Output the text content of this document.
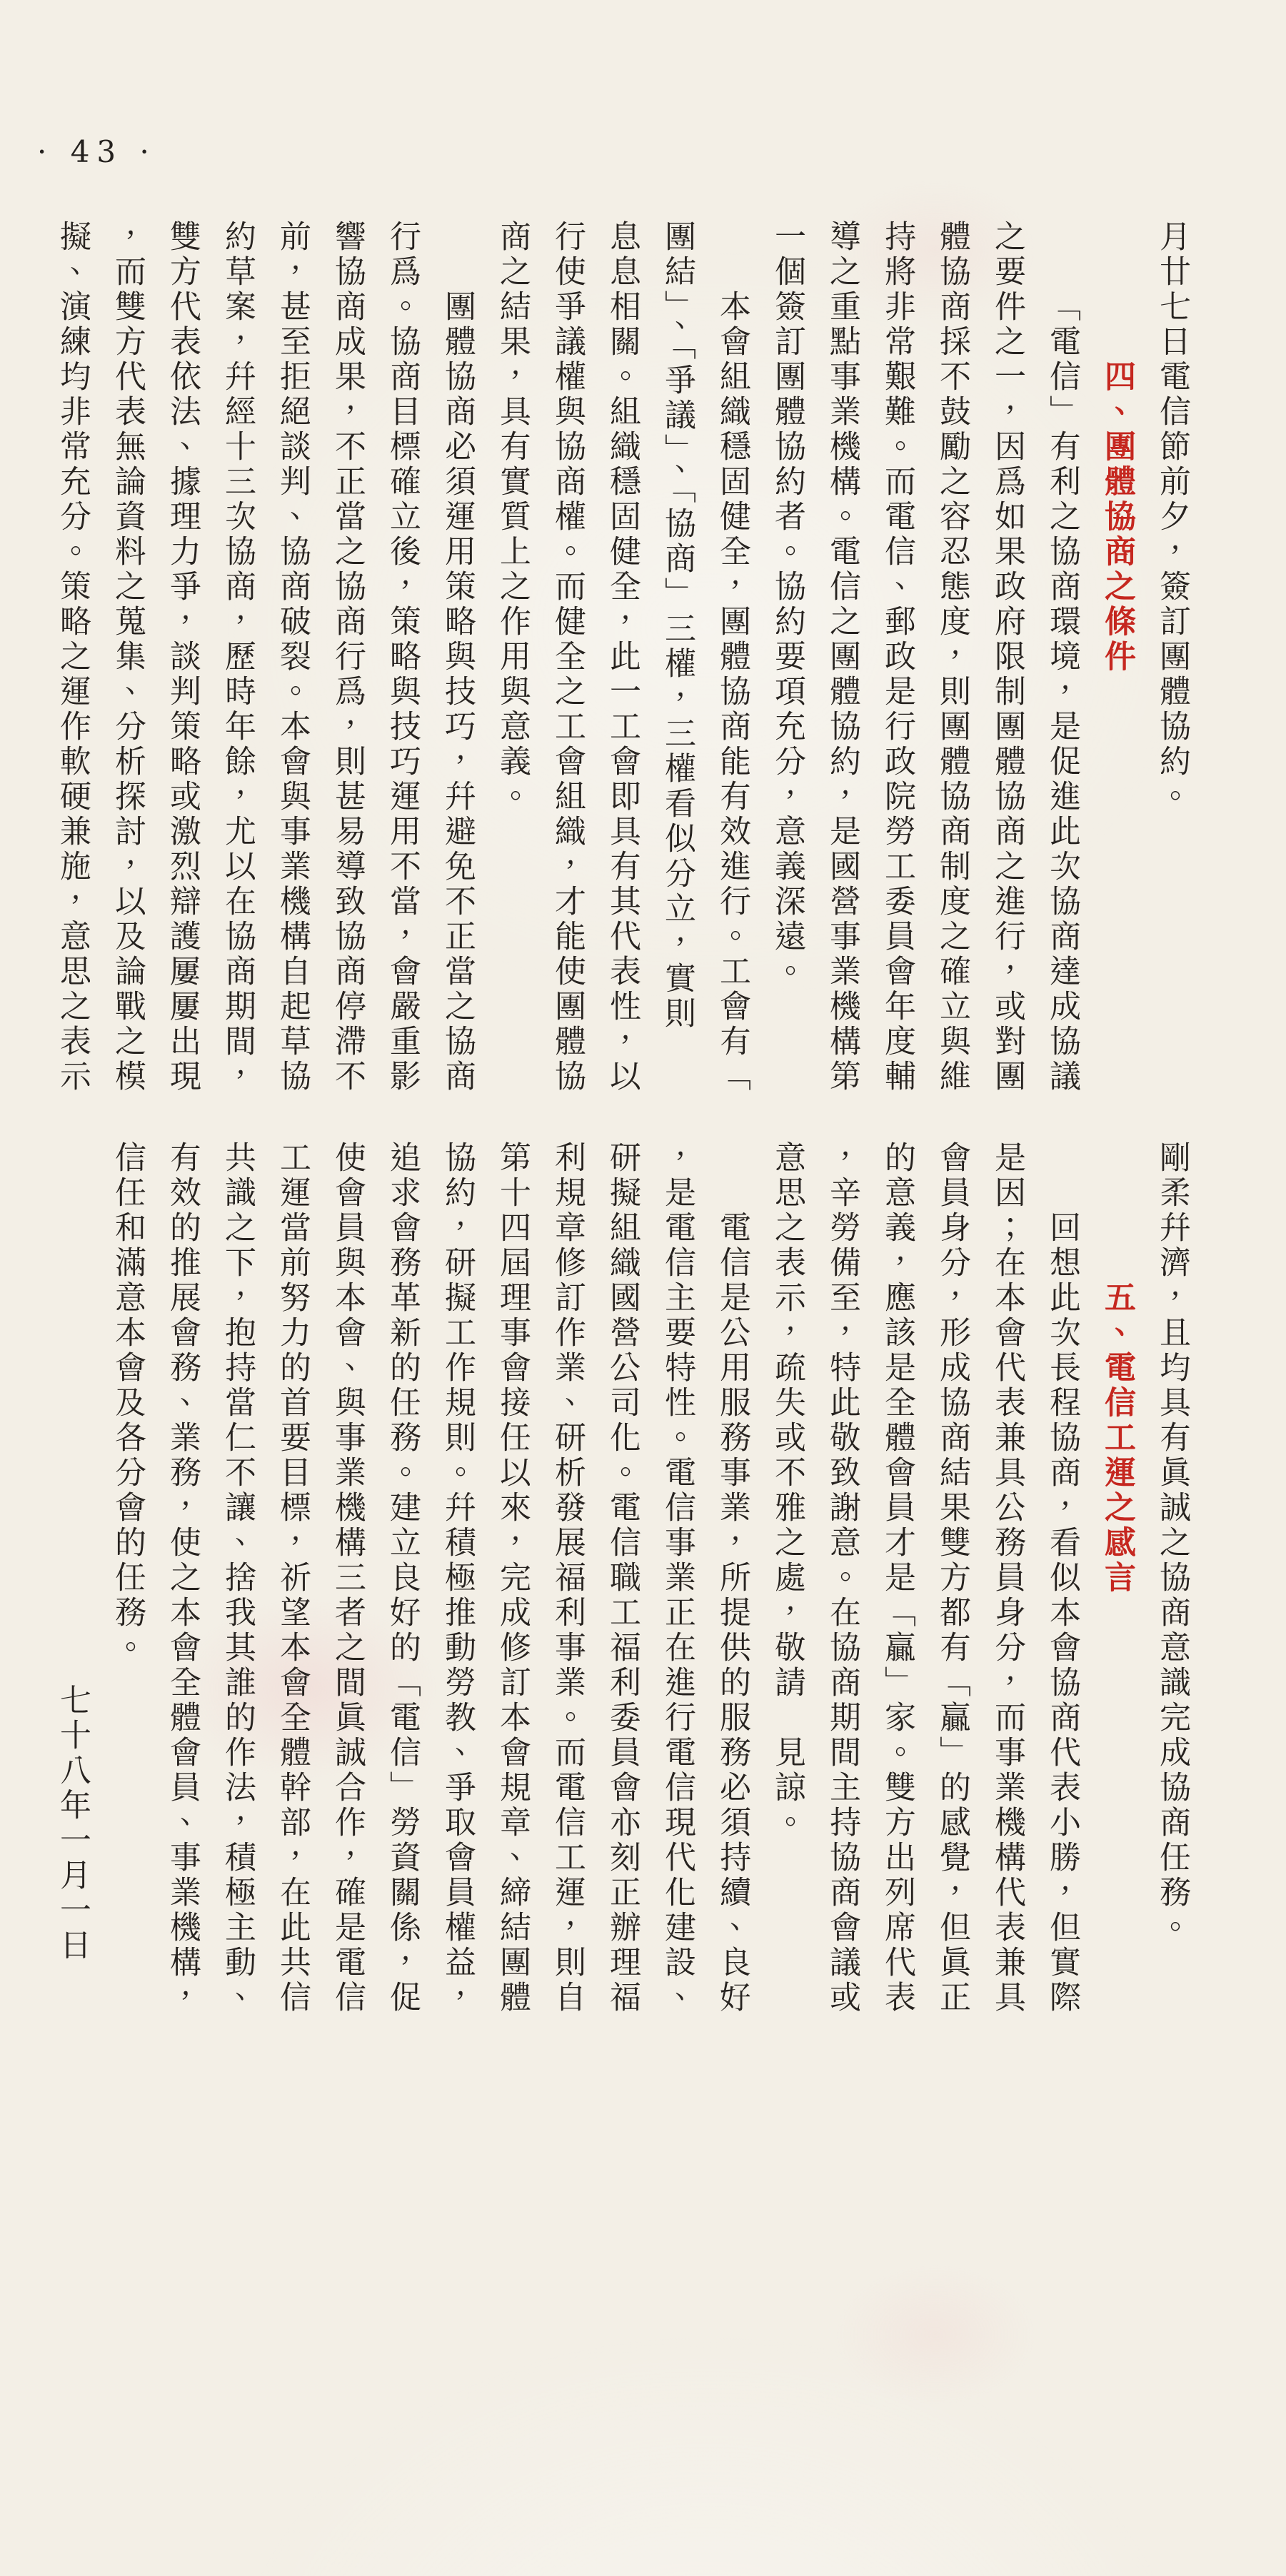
· 43 ·
月廿七日電信節前夕，簽訂團體協約。
四、團體協商之條件
「電信」有利之協商環境，是促進此次協商達成協議
之要件之一，因爲如果政府限制團體協商之進行，或對團
體協商採不鼓勵之容忍態度，則團體協商制度之確立與維
持將非常艱難。而電信、郵政是行政院勞工委員會年度輔
導之重點事業機構。電信之團體協約，是國營事業機構第
一個簽訂團體協約者。協約要項充分，意義深遠。
本會組織穩固健全，團體協商能有效進行。工會有「
團結」、「爭議」、「協商」三權，三權看似分立，實則
息息相關。組織穩固健全，此一工會即具有其代表性，以
行使爭議權與協商權。而健全之工會組織，才能使團體協
商之結果，具有實質上之作用與意義。
團體協商必須運用策略與技巧，幷避免不正當之協商
行爲。協商目標確立後，策略與技巧運用不當，會嚴重影
響協商成果，不正當之協商行爲，則甚易導致協商停滯不
前，甚至拒絕談判、協商破裂。本會與事業機構自起草協
約草案，幷經十三次協商，歷時年餘，尤以在協商期間，
雙方代表依法、據理力爭，談判策略或激烈辯護屢屢出現
，而雙方代表無論資料之蒐集、分析探討，以及論戰之模
擬、演練均非常充分。策略之運作軟硬兼施，意思之表示
剛柔幷濟，且均具有眞誠之協商意識完成協商任務。
五、電信工運之感言
回想此次長程協商，看似本會協商代表小勝，但實際
是因；在本會代表兼具公務員身分，而事業機構代表兼具
會員身分，形成協商結果雙方都有「贏」的感覺，但眞正
的意義，應該是全體會員才是「贏」家。雙方出列席代表
，辛勞備至，特此敬致謝意。在協商期間主持協商會議或
意思之表示，疏失或不雅之處，敬請　見諒。
電信是公用服務事業，所提供的服務必須持續、良好
，是電信主要特性。電信事業正在進行電信現代化建設、
研擬組織國營公司化。電信職工福利委員會亦刻正辦理福
利規章修訂作業、研析發展福利事業。而電信工運，則自
第十四屆理事會接任以來，完成修訂本會規章、締結團體
協約，研擬工作規則。幷積極推動勞教、爭取會員權益，
追求會務革新的任務。建立良好的「電信」勞資關係，促
使會員與本會、與事業機構三者之間眞誠合作，確是電信
工運當前努力的首要目標，祈望本會全體幹部，在此共信
共識之下，抱持當仁不讓、捨我其誰的作法，積極主動、
有效的推展會務、業務，使之本會全體會員、事業機構，
信任和滿意本會及各分會的任務。
七十八年一月一日
